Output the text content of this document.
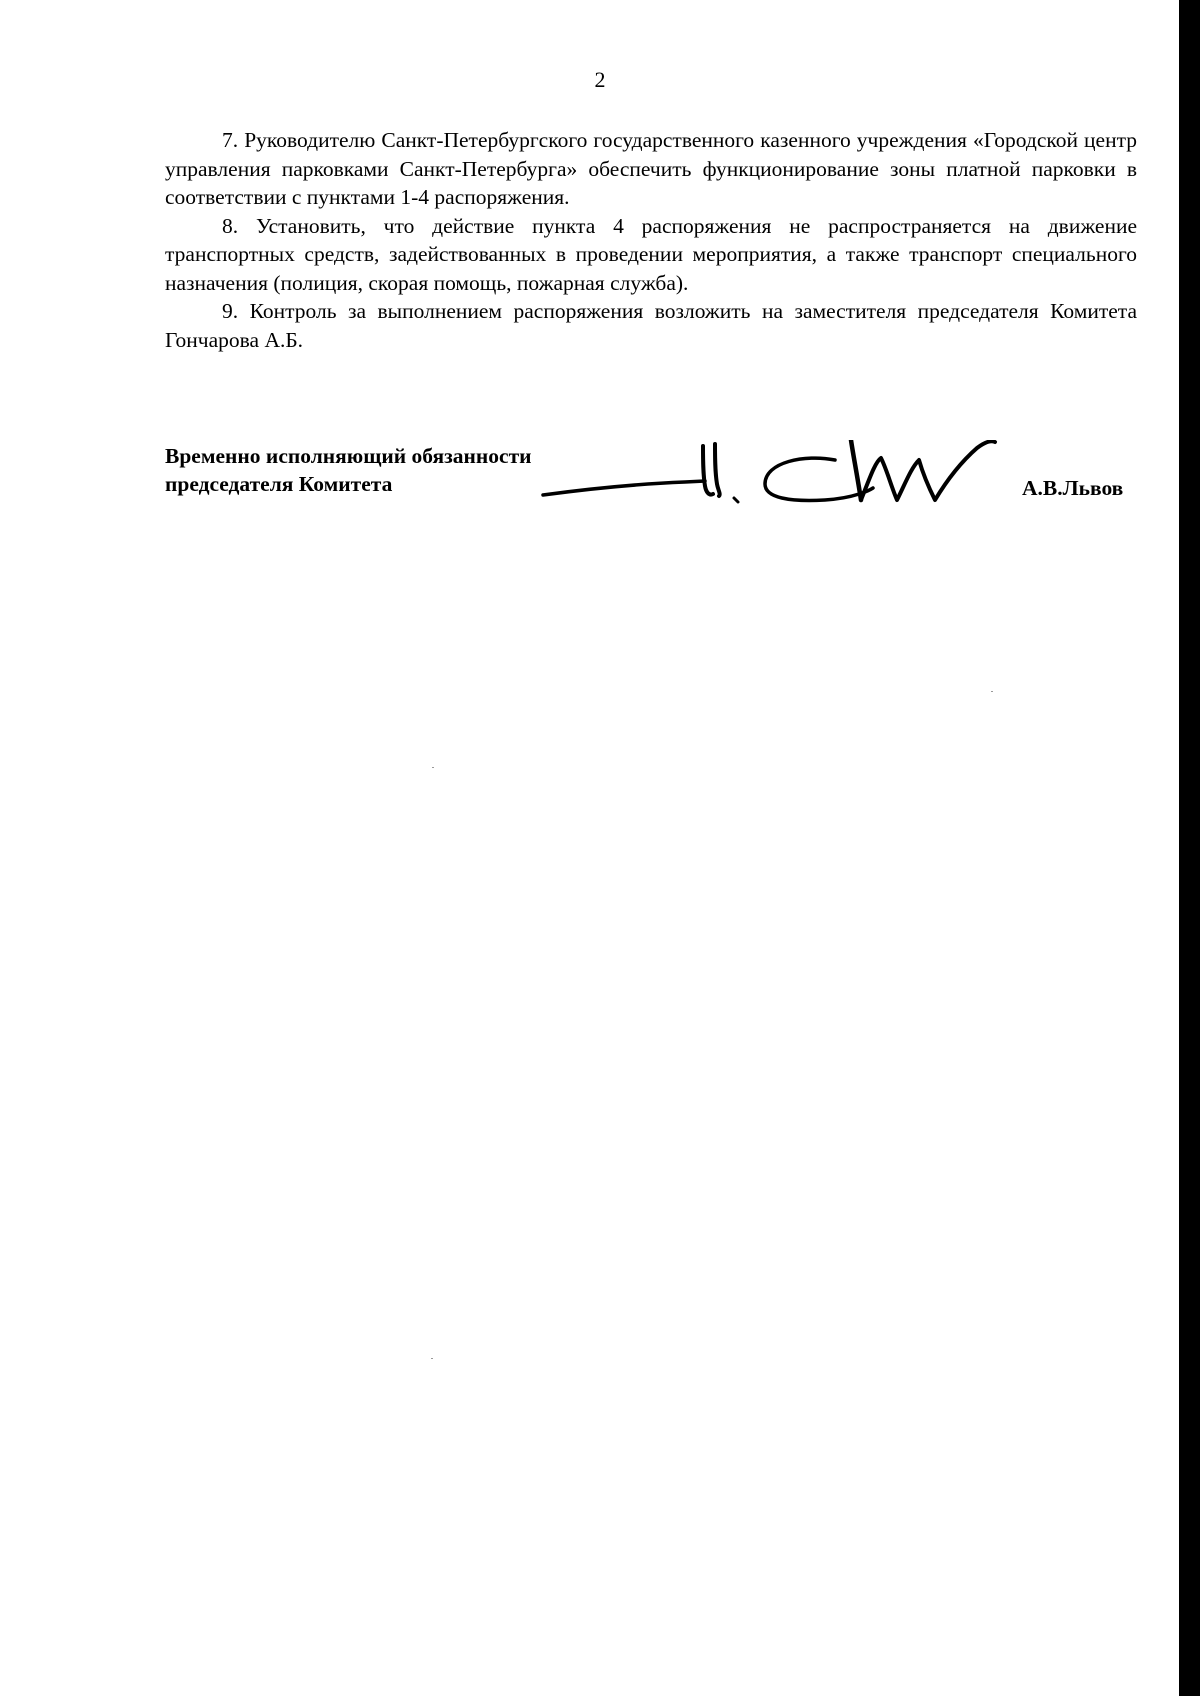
2

7. Руководителю Санкт-Петербургского государственного казенного учреждения «Городской центр управления парковками Санкт-Петербурга» обеспечить функционирование зоны платной парковки в соответствии с пунктами 1-4 распоряжения.

8. Установить, что действие пункта 4 распоряжения не распространяется на движение транспортных средств, задействованных в проведении мероприятия, а также транспорт специального назначения (полиция, скорая помощь, пожарная служба).

9. Контроль за выполнением распоряжения возложить на заместителя председателя Комитета Гончарова А.Б.

Временно исполняющий обязанности
председателя Комитета	А.В.Львов
